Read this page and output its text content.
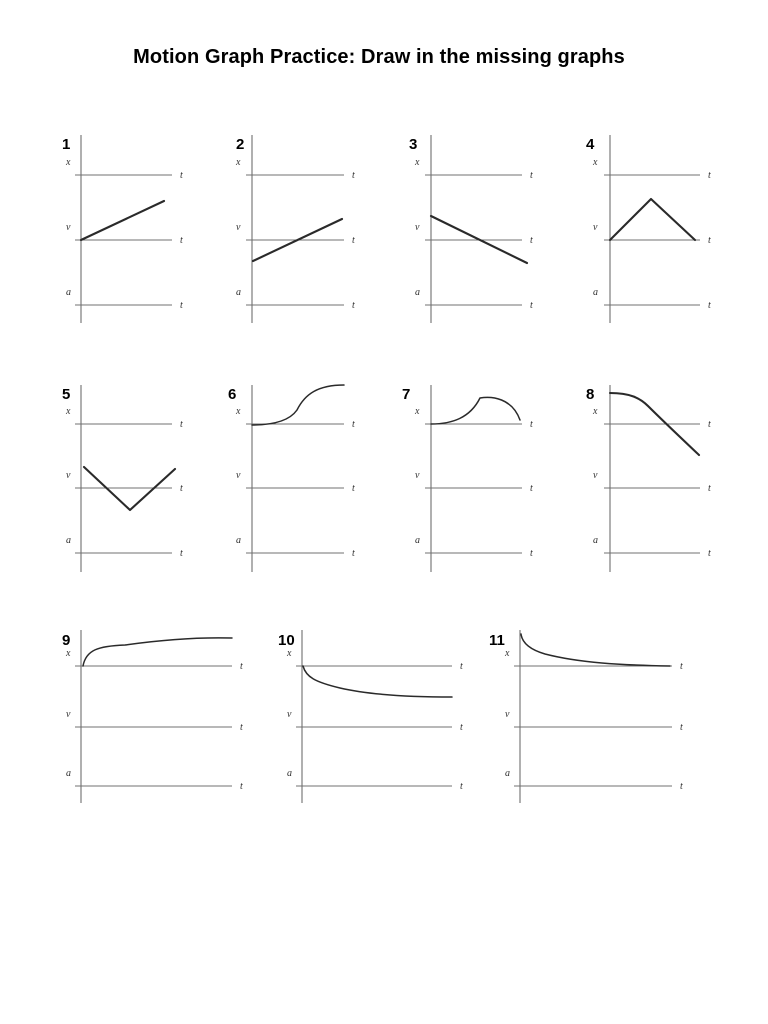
Motion Graph Practice: Draw in the missing graphs
1
x
t
v
t
a
t
2
x
t
v
t
a
t
3
x
t
v
t
a
t
4
x
t
v
t
a
t
5
x
t
v
t
a
t
6
x
t
v
t
a
t
7
x
t
v
t
a
t
8
x
t
v
t
a
t
9
x
t
v
t
a
t
10
x
t
v
t
a
t
11
x
t
v
t
a
t
